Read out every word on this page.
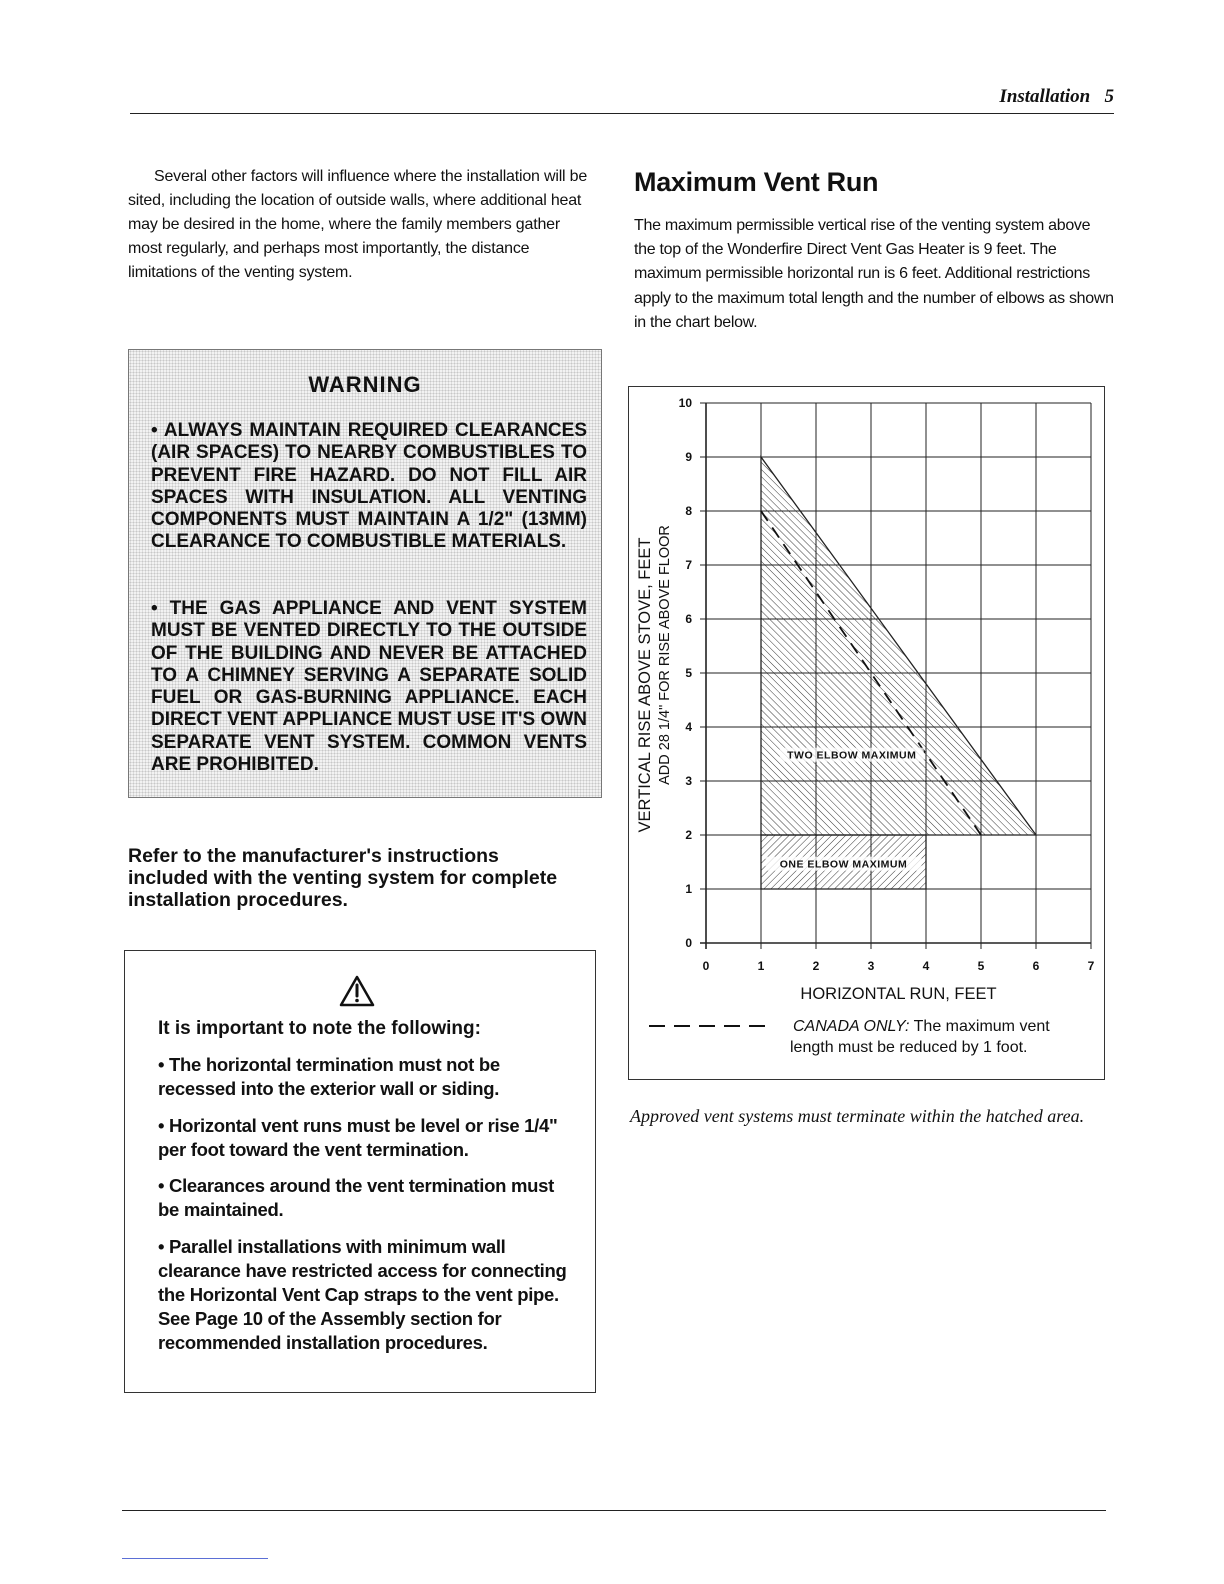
Installation 5

Several other factors will influence where the installation will be sited, including the location of outside walls, where additional heat may be desired in the home, where the family members gather most regularly, and perhaps most importantly, the distance limitations of the venting system.

WARNING

• ALWAYS MAINTAIN REQUIRED CLEARANCES (AIR SPACES) TO NEARBY COMBUSTIBLES TO PREVENT FIRE HAZARD. DO NOT FILL AIR SPACES WITH INSULATION. ALL VENTING COMPONENTS MUST MAINTAIN A 1/2" (13MM) CLEARANCE TO COMBUSTIBLE MATERIALS.

• THE GAS APPLIANCE AND VENT SYSTEM MUST BE VENTED DIRECTLY TO THE OUTSIDE OF THE BUILDING AND NEVER BE ATTACHED TO A CHIMNEY SERVING A SEPARATE SOLID FUEL OR GAS-BURNING APPLIANCE. EACH DIRECT VENT APPLIANCE MUST USE IT'S OWN SEPARATE VENT SYSTEM. COMMON VENTS ARE PROHIBITED.

Refer to the manufacturer's instructions included with the venting system for complete installation procedures.

It is important to note the following:

• The horizontal termination must not be recessed into the exterior wall or siding.

• Horizontal vent runs must be level or rise 1/4" per foot toward the vent termination.

• Clearances around the vent termination must be maintained.

• Parallel installations with minimum wall clearance have restricted access for connecting the Horizontal Vent Cap straps to the vent pipe. See Page 10 of the Assembly section for recommended installation procedures.

Maximum Vent Run

The maximum permissible vertical rise of the venting system above the top of the Wonderfire Direct Vent Gas Heater is 9 feet. The maximum permissible horizontal run is 6 feet. Additional restrictions apply to the maximum total length and the number of elbows as shown in the chart below.

TWO ELBOW MAXIMUM
ONE ELBOW MAXIMUM
0
1
2
3
4
5
6
7
8
9
10
0	1	2	3	4	5	6	7
HORIZONTAL RUN, FEET
VERTICAL RISE ABOVE STOVE, FEET ADD 28 1/4" FOR RISE ABOVE FLOOR
CANADA ONLY: The maximum vent length must be reduced by 1 foot.

Approved vent systems must terminate within the hatched area.
